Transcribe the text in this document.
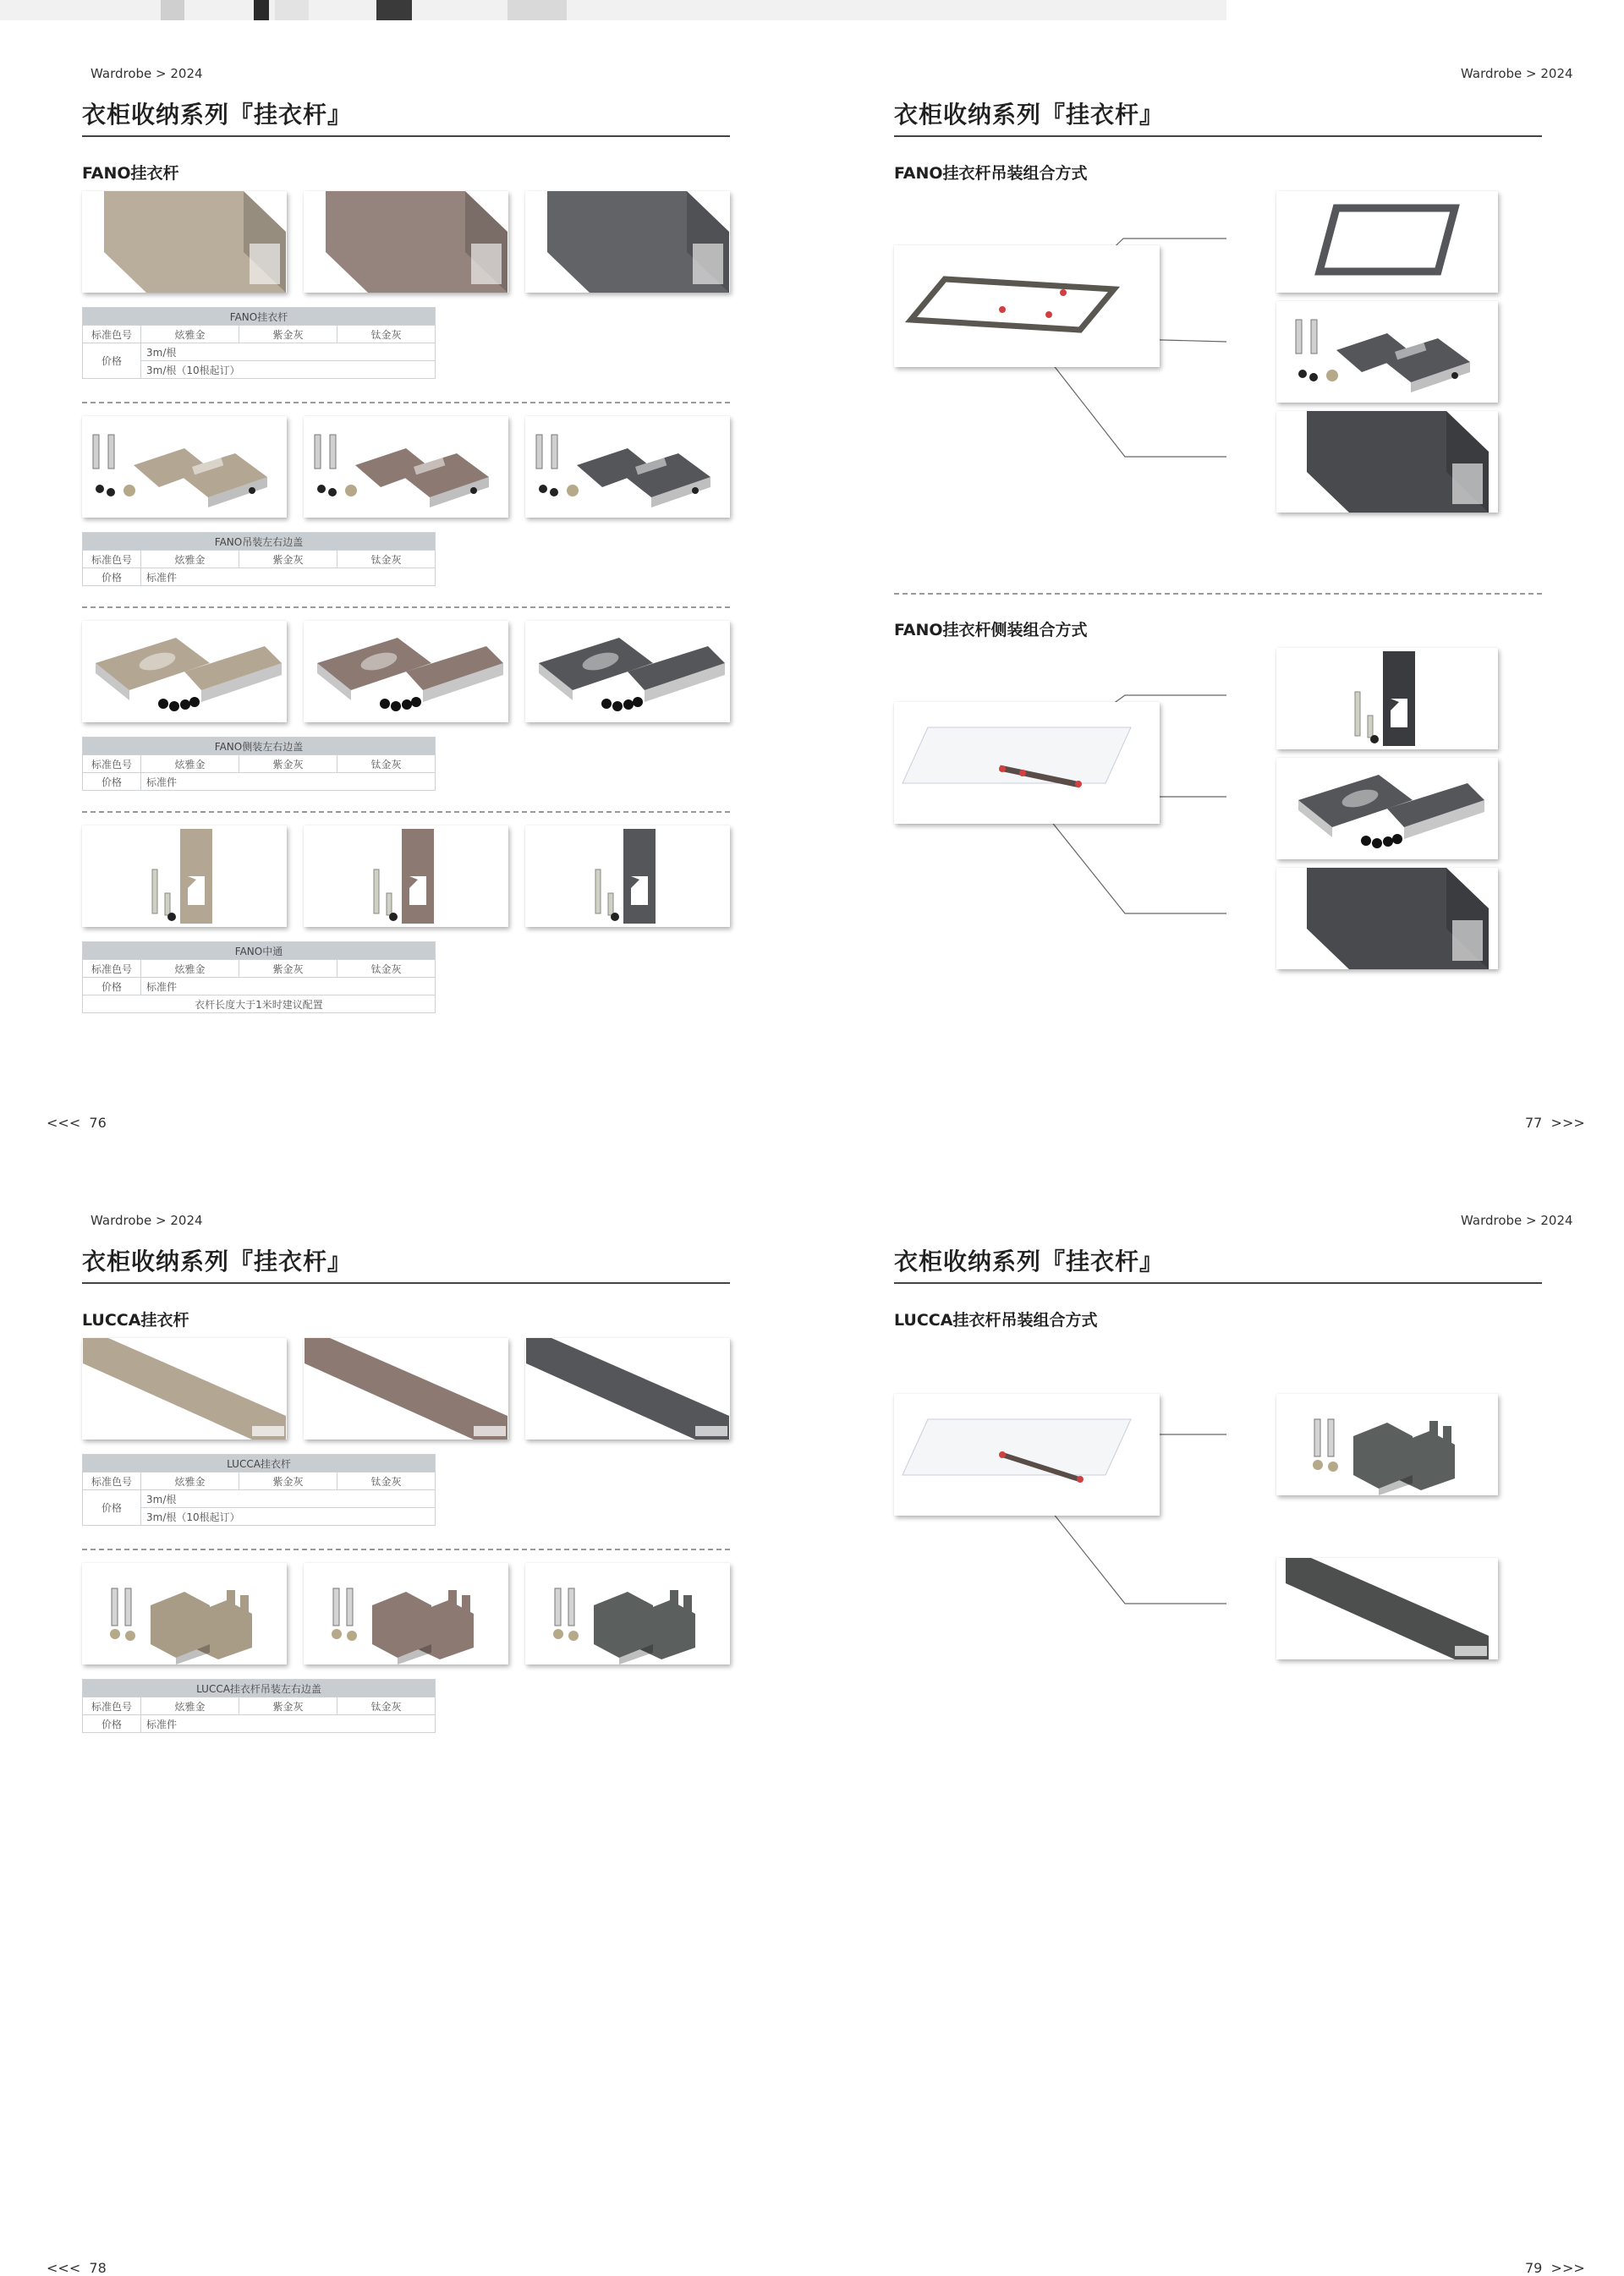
Wardrobe > 2024
衣柜收纳系列『挂衣杆』
FANO挂衣杆
FANO挂衣杆			
标准色号	炫雅金	紫金灰	钛金灰
价格	3m/根		
	3m/根（10根起订）		
FANO吊装左右边盖			
标准色号	炫雅金	紫金灰	钛金灰
价格	标准件		
FANO侧装左右边盖			
标准色号	炫雅金	紫金灰	钛金灰
价格	标准件		
FANO中通			
标准色号	炫雅金	紫金灰	钛金灰
价格	标准件		
衣杆长度大于1米时建议配置			
<<< 76
Wardrobe > 2024
衣柜收纳系列『挂衣杆』
FANO挂衣杆吊装组合方式
FANO挂衣杆侧装组合方式
77 >>>
Wardrobe > 2024
衣柜收纳系列『挂衣杆』
LUCCA挂衣杆
LUCCA挂衣杆			
标准色号	炫雅金	紫金灰	钛金灰
价格	3m/根		
	3m/根（10根起订）		
LUCCA挂衣杆吊装左右边盖			
标准色号	炫雅金	紫金灰	钛金灰
价格	标准件		
<<< 78
Wardrobe > 2024
衣柜收纳系列『挂衣杆』
LUCCA挂衣杆吊装组合方式
79 >>>
